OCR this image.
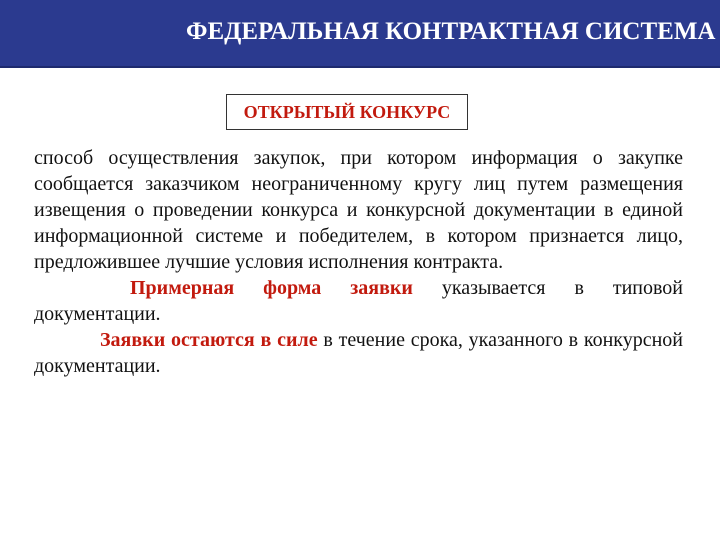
ФЕДЕРАЛЬНАЯ КОНТРАКТНАЯ СИСТЕМА
ОТКРЫТЫЙ КОНКУРС

способ осуществления закупок, при котором информация о закупке сообщается заказчиком неограниченному кругу лиц путем размещения извещения о проведении конкурса и конкурсной документации в единой информационной системе и победителем, в котором признается лицо, предложившее лучшие условия исполнения контракта.

Примерная форма заявки указывается в типовой документации.

Заявки остаются в силе в течение срока, указанного в конкурсной документации.
